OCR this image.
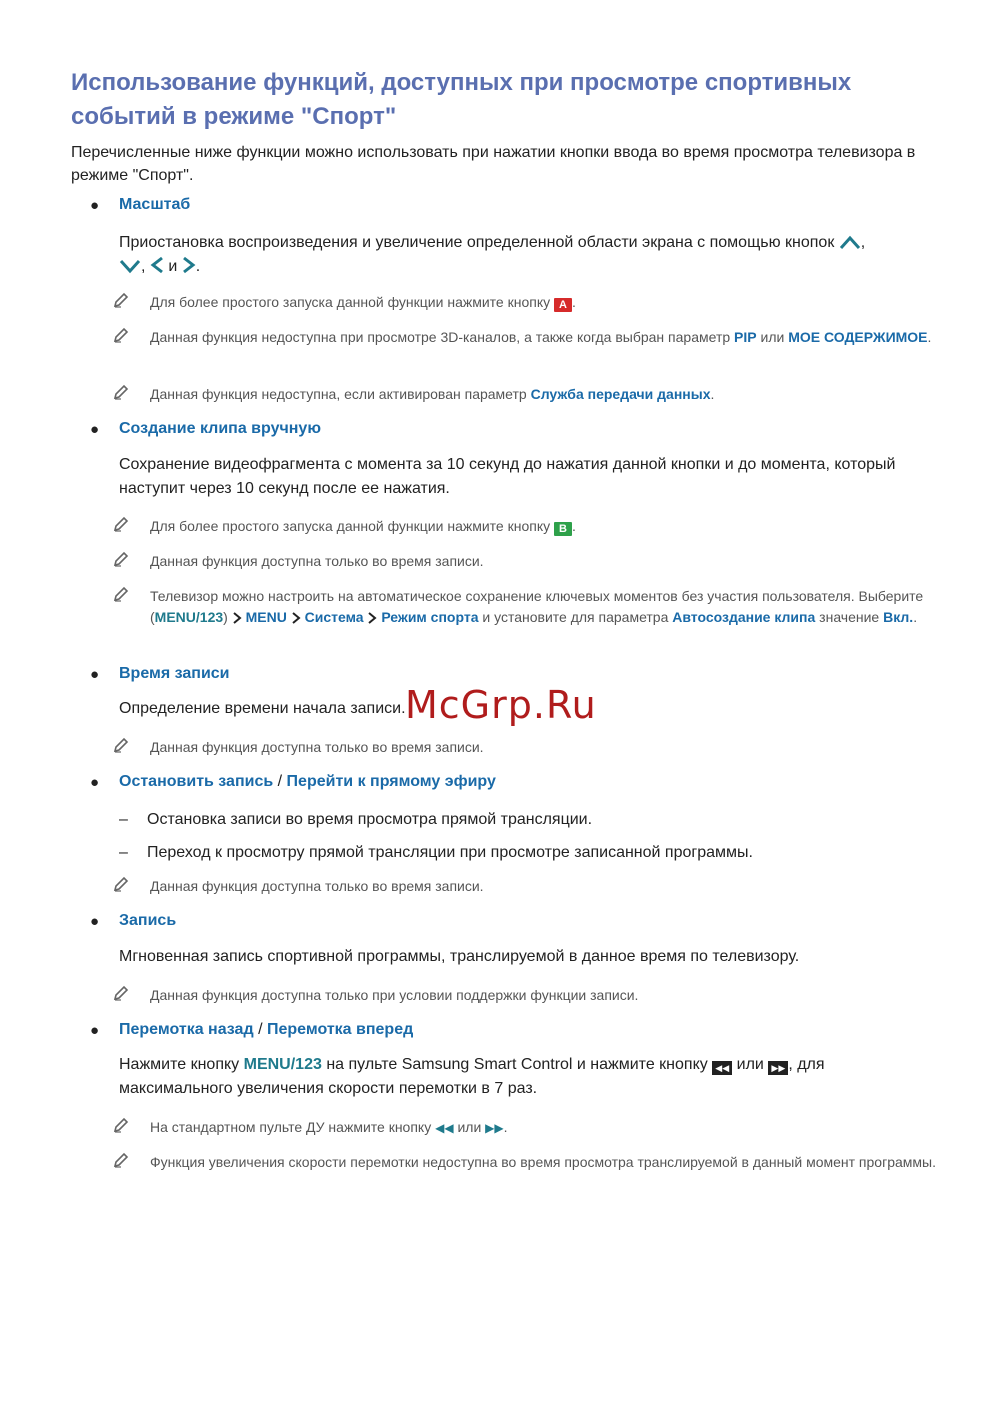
Использование функций, доступных при просмотре спортивных событий в режиме "Спорт"

Перечисленные ниже функции можно использовать при нажатии кнопки ввода во время просмотра телевизора в режиме "Спорт".

● Масштаб
Приостановка воспроизведения и увеличение определенной области экрана с помощью кнопок ,
,  и .
Для более простого запуска данной функции нажмите кнопку A .
Данная функция недоступна при просмотре 3D-каналов, а также когда выбран параметр PIP или МОЕ СОДЕРЖИМОЕ.
Данная функция недоступна, если активирован параметр Служба передачи данных.
● Создание клипа вручную
Сохранение видеофрагмента с момента за 10 секунд до нажатия данной кнопки и до момента, который наступит через 10 секунд после ее нажатия.
Для более простого запуска данной функции нажмите кнопку B .
Данная функция доступна только во время записи.
Телевизор можно настроить на автоматическое сохранение ключевых моментов без участия пользователя. Выберите (MENU/123)  MENU Система Режим спорта и установите для параметра Автосоздание клипа значение Вкл..
● Время записи
Определение времени начала записи. McGrp.Ru
Данная функция доступна только во время записи.
● Остановить запись / Перейти к прямому эфиру
– Остановка записи во время просмотра прямой трансляции.
– Переход к просмотру прямой трансляции при просмотре записанной программы.
Данная функция доступна только во время записи.
● Запись
Мгновенная запись спортивной программы, транслируемой в данное время по телевизору.
Данная функция доступна только при условии поддержки функции записи.
● Перемотка назад / Перемотка вперед
Нажмите кнопку MENU/123 на пульте Samsung Smart Control и нажмите кнопку ◀◀ или ▶▶ , для максимального увеличения скорости перемотки в 7 раз.
На стандартном пульте ДУ нажмите кнопку ◀◀ или ▶▶.
Функция увеличения скорости перемотки недоступна во время просмотра транслируемой в данный момент программы.
